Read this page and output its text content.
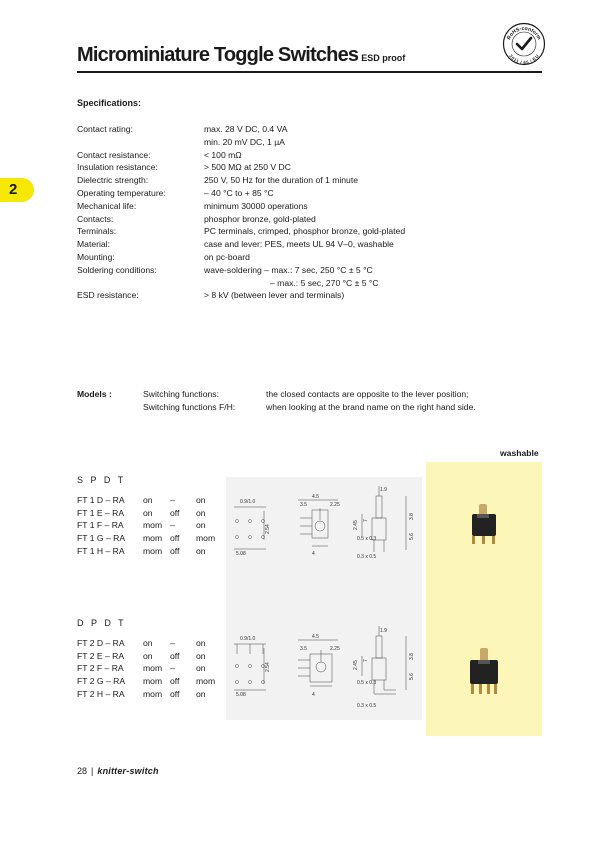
Microminiature Toggle Switches ESD proof
RoHS-conform
2011 / 65 / EU
2
Specifications:
Contact rating:	max. 28 V DC, 0.4 VA
min. 20 mV DC, 1 µA
Contact resistance:	< 100 mΩ
Insulation resistance:	> 500 MΩ at 250 V DC
Dielectric strength:	250 V, 50 Hz for the duration of 1 minute
Operating temperature:	– 40 °C to + 85 °C
Mechanical life:	minimum 30000 operations
Contacts:	phosphor bronze, gold-plated
Terminals:	PC terminals, crimped, phosphor bronze, gold-plated
Material:	case and lever: PES, meets UL 94 V–0, washable
Mounting:	on pc-board
Soldering conditions:	wave-soldering – max.: 7 sec, 250 °C ± 5 °C
– max.: 5 sec, 270 °C ± 5 °C
ESD resistance:	> 8 kV (between lever and terminals)
Models :	Switching functions:
Switching functions F/H:
the closed contacts are opposite to the lever position;
when looking at the brand name on the right hand side.
washable
S P D T
FT 1 D – RA	on	–	on
FT 1 E – RA	on	off	on
FT 1 F – RA	mom –	on
FT 1 G – RA	mom off	mom
FT 1 H – RA	mom off	on
0.9/1.0
5.08
2.54
4.5
3.5	2.25
1.9
2.45
3.8
5.6
0.5 x 0.3
0.3 x 0.5
7
4
D P D T
FT 2 D – RA	on	–	on
FT 2 E – RA	on	off	on
FT 2 F – RA	mom –	on
FT 2 G – RA	mom off	mom
FT 2 H – RA	mom off	on
0.9/1.0
5.08
2.54
4.5
3.5	2.25
1.9
2.45
3.8
5.6
0.5 x 0.3
0.3 x 0.5
7
4
28 | knitter-switch
